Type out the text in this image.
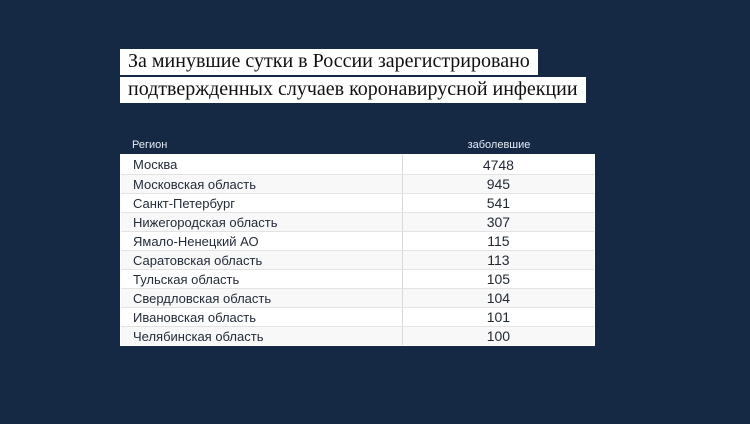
За минувшие сутки в России зарегистрировано
подтвержденных случаев коронавирусной инфекции
Регион	заболевшие
Москва	4748
Московская область	945
Санкт-Петербург	541
Нижегородская область	307
Ямало-Ненецкий АО	115
Саратовская область	113
Тульская область	105
Свердловская область	104
Ивановская область	101
Челябинская область	100
